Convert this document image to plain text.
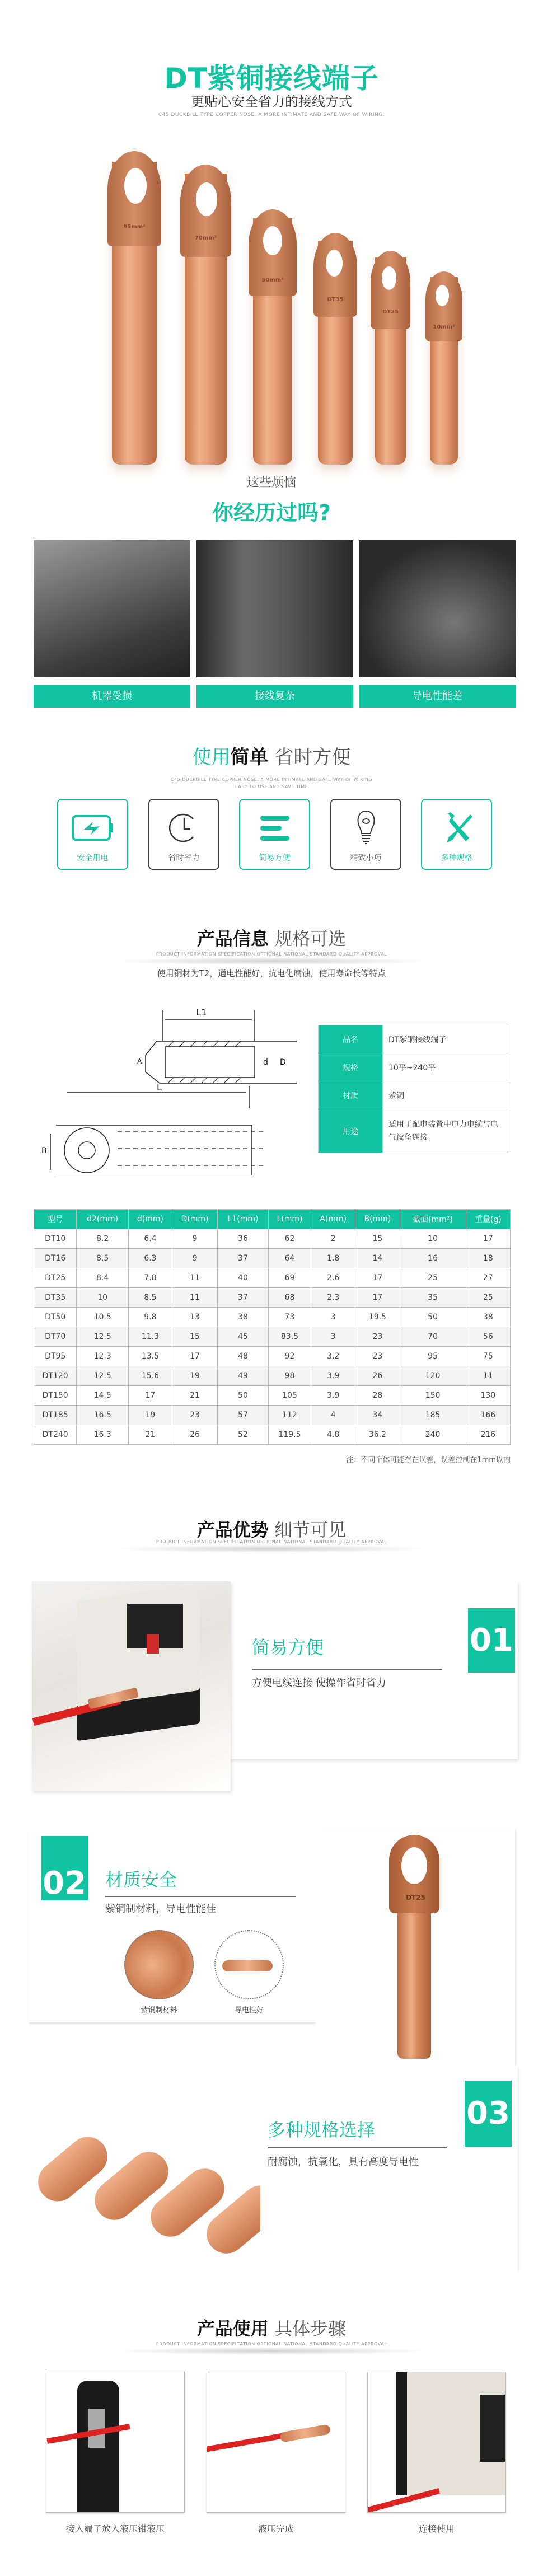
DT紫铜接线端子
更贴心安全省力的接线方式
C45 DUCKBILL TYPE COPPER NOSE. A MORE INTIMATE AND SAFE WAY OF WIRING.
95mm²
70mm²
50mm²
DT35
DT25
10mm²
这些烦恼
你经历过吗?
机器受损	接线复杂	导电性能差
使用简单 省时方便
C45 DUCKBILL TYPE COPPER NOSE. A MORE INTIMATE AND SAFE WAY OF WIRING
EASY TO USE AND SAVE TIME
安全用电	省时省力	简易方便	精致小巧	多种规格
产品信息 规格可选
PRODUCT INFORMATION SPECIFICATION OPTIONAL NATIONAL STANDARD QUALITY APPROVAL
使用铜材为T2，通电性能好，抗电化腐蚀，使用寿命长等特点
L1
L
d D
A
B
品名	DT紫铜接线端子
规格	10平~240平
材质	紫铜
用途	适用于配电装置中电力电缆与电气设备连接
型号	d2(mm)	d(mm)	D(mm)	L1(mm)	L(mm)	A(mm)	B(mm)	截面(mm²)	重量(g)
DT10	8.2	6.4	9	36	62	2	15	10	17
DT16	8.5	6.3	9	37	64	1.8	14	16	18
DT25	8.4	7.8	11	40	69	2.6	17	25	27
DT35	10	8.5	11	37	68	2.3	17	35	25
DT50	10.5	9.8	13	38	73	3	19.5	50	38
DT70	12.5	11.3	15	45	83.5	3	23	70	56
DT95	12.3	13.5	17	48	92	3.2	23	95	75
DT120	12.5	15.6	19	49	98	3.9	26	120	11
DT150	14.5	17	21	50	105	3.9	28	150	130
DT185	16.5	19	23	57	112	4	34	185	166
DT240	16.3	21	26	52	119.5	4.8	36.2	240	216
注：不同个体可能存在误差，误差控制在1mm以内
产品优势 细节可见
PRODUCT INFORMATION SPECIFICATION OPTIONAL NATIONAL STANDARD QUALITY APPROVAL
01
简易方便
方便电线连接 使操作省时省力
DT25
02 材质安全
紫铜制材料，导电性能佳
紫铜制材料	导电性好
03
多种规格选择
耐腐蚀，抗氧化，具有高度导电性
产品使用 具体步骤
PRODUCT INFORMATION SPECIFICATION OPTIONAL NATIONAL STANDARD QUALITY APPROVAL
接入端子放入液压钳液压	液压完成	连接使用
